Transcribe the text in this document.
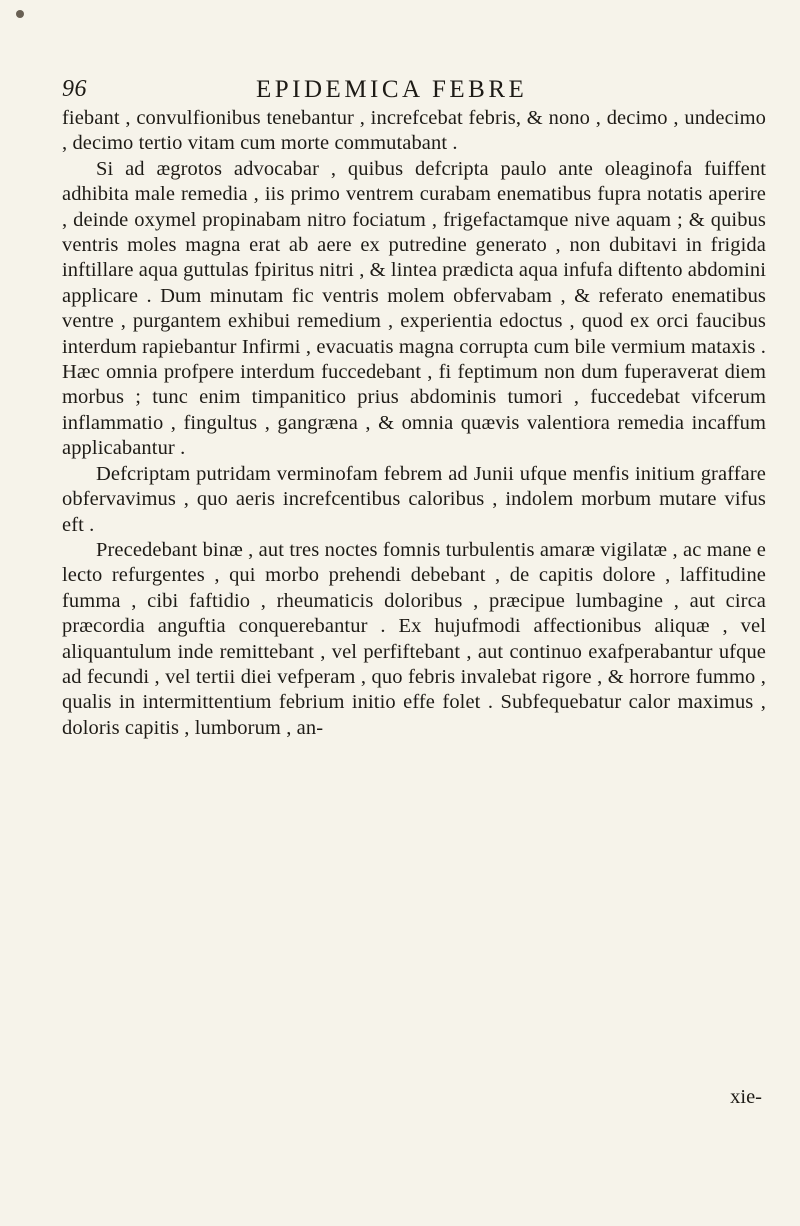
96	EPIDEMICA FEBRE

fiebant , convulfionibus tenebantur , increfcebat febris, & nono , decimo , undecimo , decimo tertio vitam cum morte commutabant .

Si ad ægrotos advocabar , quibus defcripta paulo ante oleaginofa fuiffent adhibita male remedia , iis primo ventrem curabam enematibus fupra notatis aperire , deinde oxymel propinabam nitro fociatum , frigefactamque nive aquam ; & quibus ventris moles magna erat ab aere ex putredine generato , non dubitavi in frigida inftillare aqua guttulas fpiritus nitri , & lintea prædicta aqua infufa diftento abdomini applicare . Dum minutam fic ventris molem obfervabam , & referato enematibus ventre , purgantem exhibui remedium , experientia edoctus , quod ex orci faucibus interdum rapiebantur Infirmi , evacuatis magna corrupta cum bile vermium mataxis . Hæc omnia profpere interdum fuccedebant , fi feptimum non dum fuperaverat diem morbus ; tunc enim timpanitico prius abdominis tumori , fuccedebat vifcerum inflammatio , fingultus , gangræna , & omnia quævis valentiora remedia incaffum applicabantur .

Defcriptam putridam verminofam febrem ad Junii ufque menfis initium graffare obfervavimus , quo aeris increfcentibus caloribus , indolem morbum mutare vifus eft .

Precedebant binæ , aut tres noctes fomnis turbulentis amaræ vigilatæ , ac mane e lecto refurgentes , qui morbo prehendi debebant , de capitis dolore , laffitudine fumma , cibi faftidio , rheumaticis doloribus , præcipue lumbagine , aut circa præcordia anguftia conquerebantur . Ex hujufmodi affectionibus aliquæ , vel aliquantulum inde remittebant , vel perfiftebant , aut continuo exafperabantur ufque ad fecundi , vel tertii diei vefperam , quo febris invalebat rigore , & horrore fummo , qualis in intermittentium febrium initio effe folet . Subfequebatur calor maximus , doloris capitis , lumborum , an-

xie-
